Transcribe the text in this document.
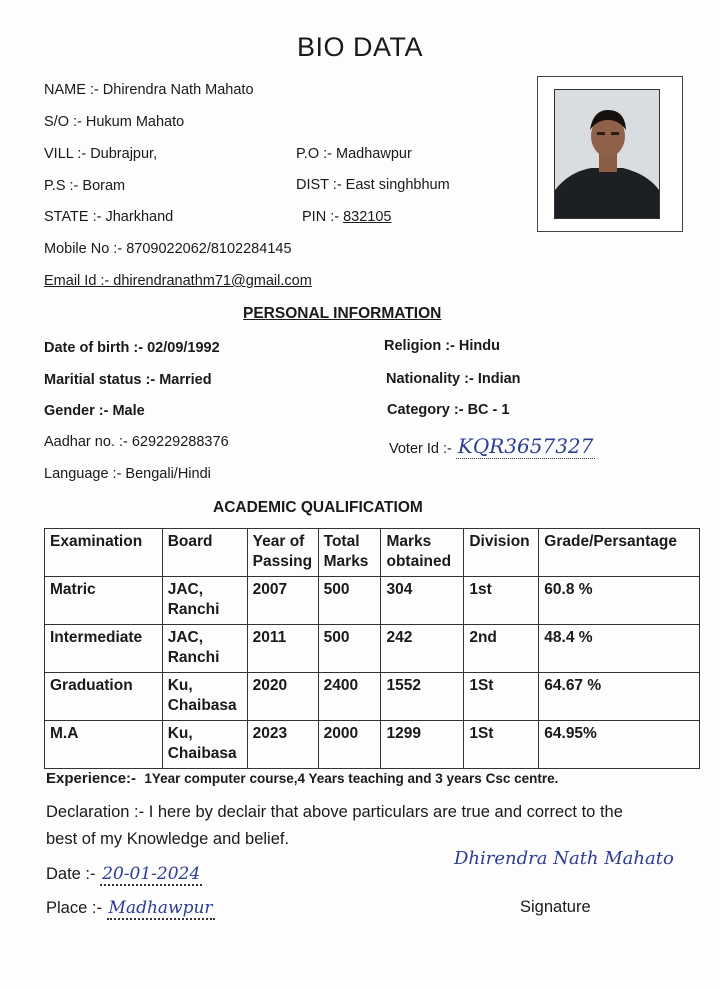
BIO DATA
NAME :- Dhirendra Nath Mahato
S/O :- Hukum Mahato
VILL :- Dubrajpur,	P.O :- Madhawpur
P.S :- Boram	DIST :- East singhbhum
STATE :- Jharkhand	PIN :- 832105
Mobile No :- 8709022062/8102284145
Email Id :- dhirendranathm71@gmail.com
PERSONAL INFORMATION
Date of birth :- 02/09/1992	Religion :- Hindu
Maritial status :- Married	Nationality :- Indian
Gender :- Male	Category :- BC - 1
Aadhar no. :- 629229288376	Voter Id :- KQR3657327
Language :- Bengali/Hindi
ACADEMIC QUALIFICATIOM
Examination	Board	Year of Passing	Total Marks	Marks obtained	Division	Grade/Persantage
Matric	JAC, Ranchi	2007	500	304	1st	60.8 %
Intermediate	JAC, Ranchi	2011	500	242	2nd	48.4 %
Graduation	Ku, Chaibasa	2020	2400	1552	1St	64.67 %
M.A	Ku, Chaibasa	2023	2000	1299	1St	64.95%
Experience:- 1Year computer course,4 Years teaching and 3 years Csc centre.
Declaration :- I here by declair that above particulars are true and correct to the
best of my Knowledge and belief.
Date :- 20-01-2024
Place :- Madhawpur
Dhirendra Nath Mahato
Signature
